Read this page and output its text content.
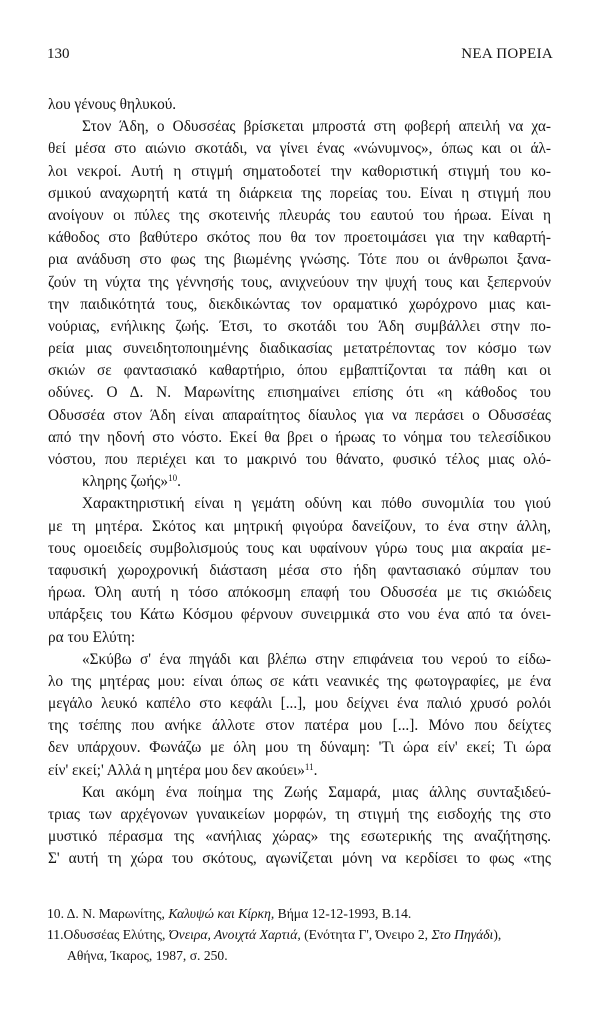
130	ΝΕΑ ΠΟΡΕΙΑ
λου γένους θηλυκού.
Στον Άδη, ο Οδυσσέας βρίσκεται μπροστά στη φοβερή απειλή να χα-
θεί μέσα στο αιώνιο σκοτάδι, να γίνει ένας «νώνυμνος», όπως και οι άλ-
λοι νεκροί. Αυτή η στιγμή σηματοδοτεί την καθοριστική στιγμή του κο-
σμικού αναχωρητή κατά τη διάρκεια της πορείας του. Είναι η στιγμή που
ανοίγουν οι πύλες της σκοτεινής πλευράς του εαυτού του ήρωα. Είναι η
κάθοδος στο βαθύτερο σκότος που θα τον προετοιμάσει για την καθαρτή-
ρια ανάδυση στο φως της βιωμένης γνώσης. Τότε που οι άνθρωποι ξανα-
ζούν τη νύχτα της γέννησής τους, ανιχνεύουν την ψυχή τους και ξεπερνούν
την παιδικότητά τους, διεκδικώντας τον οραματικό χωρόχρονο μιας και-
νούριας, ενήλικης ζωής. Έτσι, το σκοτάδι του Άδη συμβάλλει στην πο-
ρεία μιας συνειδητοποιημένης διαδικασίας μετατρέποντας τον κόσμο των
σκιών σε φαντασιακό καθαρτήριο, όπου εμβαπτίζονται τα πάθη και οι
οδύνες. Ο Δ. Ν. Μαρωνίτης επισημαίνει επίσης ότι «η κάθοδος του
Οδυσσέα στον Άδη είναι απαραίτητος δίαυλος για να περάσει ο Οδυσσέας
από την ηδονή στο νόστο. Εκεί θα βρει ο ήρωας το νόημα του τελεσίδικου
νόστου, που περιέχει και το μακρινό του θάνατο, φυσικό τέλος μιας ολό-
κληρης ζωής»$^{10}$.
Χαρακτηριστική είναι η γεμάτη οδύνη και πόθο συνομιλία του γιού
με τη μητέρα. Σκότος και μητρική φιγούρα δανείζουν, το ένα στην άλλη,
τους ομοειδείς συμβολισμούς τους και υφαίνουν γύρω τους μια ακραία με-
ταφυσική χωροχρονική διάσταση μέσα στο ήδη φαντασιακό σύμπαν του
ήρωα. Όλη αυτή η τόσο απόκοσμη επαφή του Οδυσσέα με τις σκιώδεις
υπάρξεις του Κάτω Κόσμου φέρνουν συνειρμικά στο νου ένα από τα όνει-
ρα του Ελύτη:
«Σκύβω σ' ένα πηγάδι και βλέπω στην επιφάνεια του νερού το είδω-
λο της μητέρας μου: είναι όπως σε κάτι νεανικές της φωτογραφίες, με ένα
μεγάλο λευκό καπέλο στο κεφάλι [...], μου δείχνει ένα παλιό χρυσό ρολόι
της τσέπης που ανήκε άλλοτε στον πατέρα μου [...]. Μόνο που δείχτες
δεν υπάρχουν. Φωνάζω με όλη μου τη δύναμη: 'Τι ώρα είν' εκεί; Τι ώρα
είν' εκεί;' Αλλά η μητέρα μου δεν ακούει»$^{11}$.
Και ακόμη ένα ποίημα της Ζωής Σαμαρά, μιας άλλης συνταξιδεύ-
τριας των αρχέγονων γυναικείων μορφών, τη στιγμή της εισδοχής της στο
μυστικό πέρασμα της «ανήλιας χώρας» της εσωτερικής της αναζήτησης.
Σ' αυτή τη χώρα του σκότους, αγωνίζεται μόνη να κερδίσει το φως «της
10. Δ. Ν. Μαρωνίτης, Καλυψώ και Κίρκη, Βήμα 12-12-1993, Β.14.
11.Οδυσσέας Ελύτης, Όνειρα, Ανοιχτά Χαρτιά, (Ενότητα Γ', Όνειρο 2, Στο Πηγάδι),
Αθήνα, Ίκαρος, 1987, σ. 250.
